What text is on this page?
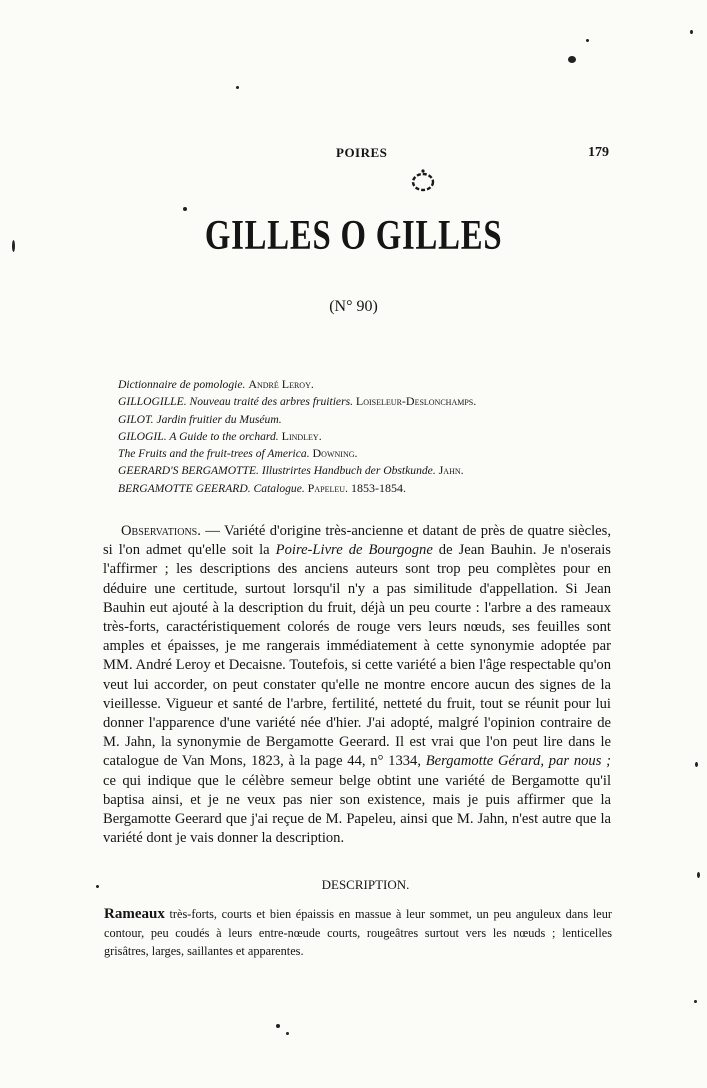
POIRES	179
GILLES O GILLES
(N° 90)
Dictionnaire de pomologie. André Leroy.
GILLOGILLE. Nouveau traité des arbres fruitiers. Loiseleur-Deslonchamps.
GILOT. Jardin fruitier du Muséum.
GILOGIL. A Guide to the orchard. Lindley.
The Fruits and the fruit-trees of America. Downing.
GEERARD'S BERGAMOTTE. Illustrirtes Handbuch der Obstkunde. Jahn.
BERGAMOTTE GEERARD. Catalogue. Papeleu. 1853-1854.
Observations. — Variété d'origine très-ancienne et datant de près de quatre siècles, si l'on admet qu'elle soit la Poire-Livre de Bourgogne de Jean Bauhin. Je n'oserais l'affirmer ; les descriptions des anciens auteurs sont trop peu complètes pour en déduire une certitude, surtout lorsqu'il n'y a pas similitude d'appellation. Si Jean Bauhin eut ajouté à la description du fruit, déjà un peu courte : l'arbre a des rameaux très-forts, caractéristiquement colorés de rouge vers leurs nœuds, ses feuilles sont amples et épaisses, je me rangerais immédiatement à cette synonymie adoptée par MM. André Leroy et Decaisne. Toutefois, si cette variété a bien l'âge respectable qu'on veut lui accorder, on peut constater qu'elle ne montre encore aucun des signes de la vieillesse. Vigueur et santé de l'arbre, fertilité, netteté du fruit, tout se réunit pour lui donner l'apparence d'une variété née d'hier. J'ai adopté, malgré l'opinion contraire de M. Jahn, la synonymie de Bergamotte Geerard. Il est vrai que l'on peut lire dans le catalogue de Van Mons, 1823, à la page 44, n° 1334, Bergamotte Gérard, par nous ; ce qui indique que le célèbre semeur belge obtint une variété de Bergamotte qu'il baptisa ainsi, et je ne veux pas nier son existence, mais je puis affirmer que la Bergamotte Geerard que j'ai reçue de M. Papeleu, ainsi que M. Jahn, n'est autre que la variété dont je vais donner la description.
DESCRIPTION.
Rameaux très-forts, courts et bien épaissis en massue à leur sommet, un peu anguleux dans leur contour, peu coudés à leurs entre-nœude courts, rougeâtres surtout vers les nœuds ; lenticelles grisâtres, larges, saillantes et apparentes.
